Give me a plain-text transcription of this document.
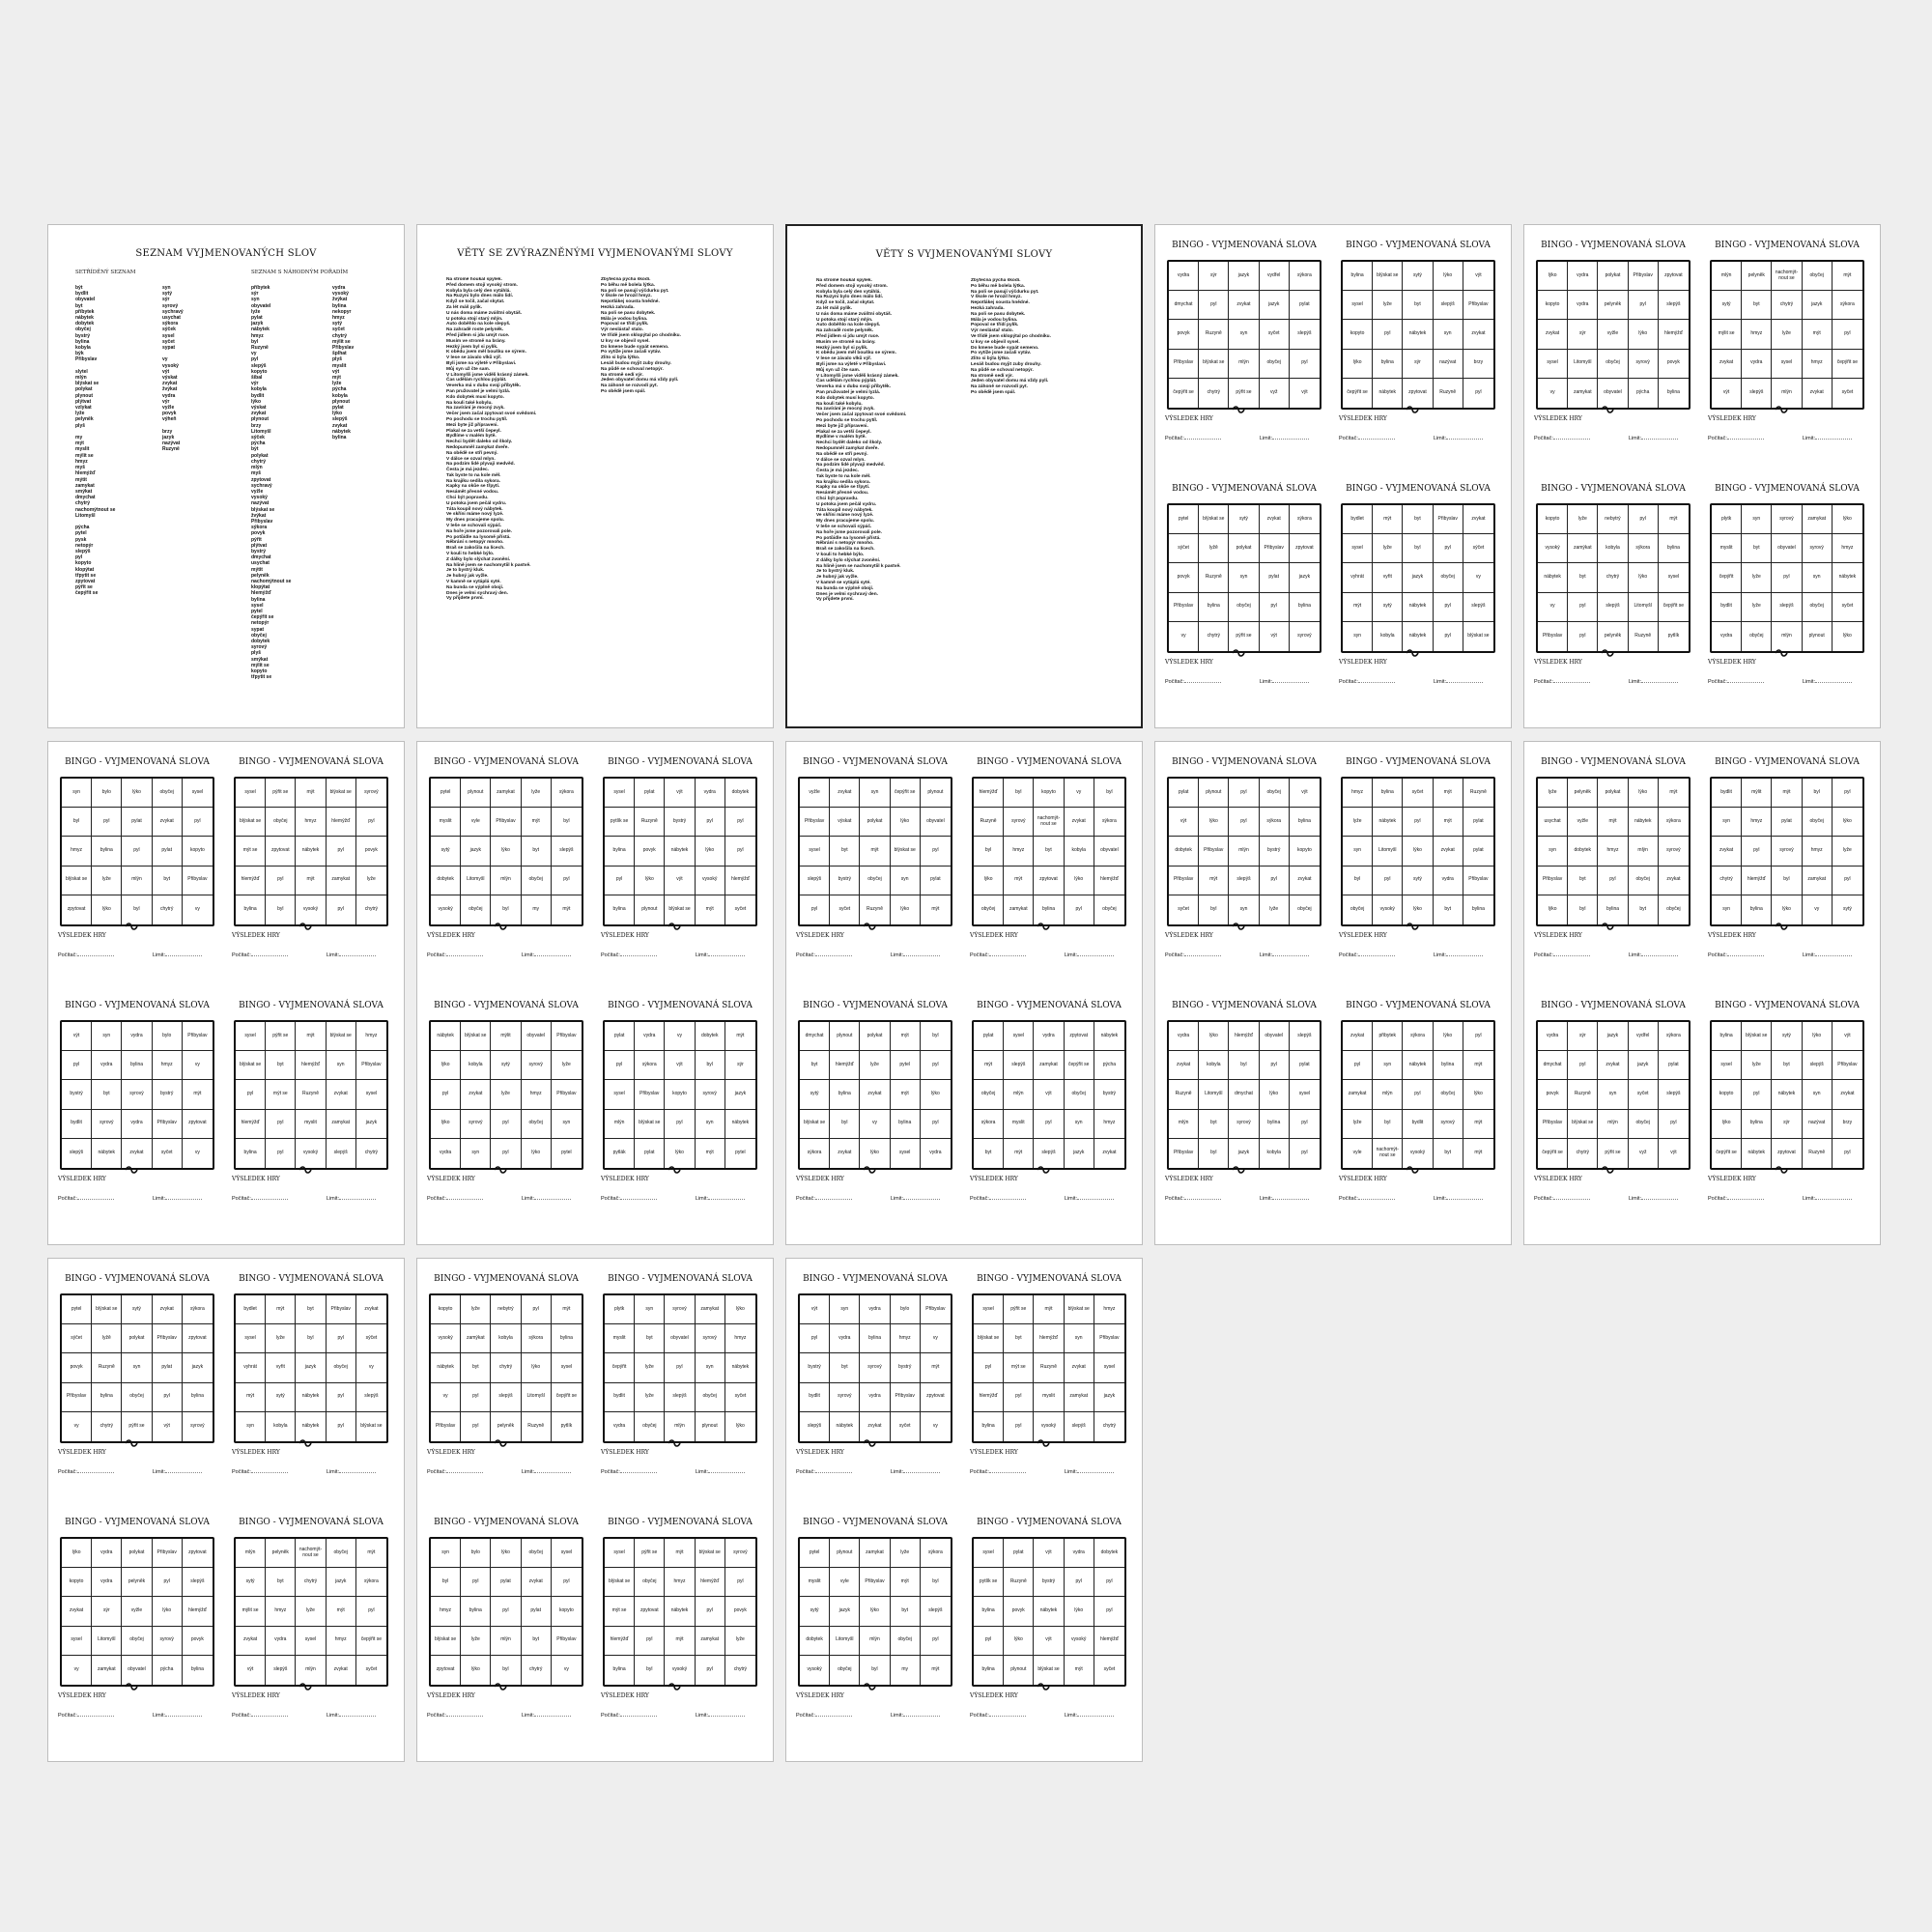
SEZNAM VYJMENOVANÝCH SLOV
SETŘÍDĚNÝ SEZNAM	SEZNAM S NÁHODNÝM POŘADÍM
být
bydlit
obyvatel
byt
příbytek
nábytek
dobytek
obyčej
bystrý
bylina
kobyla
býk
Přibyslav

slytel
mlýn
blýskat se
polykat
plynout
plýtvat
vzlykat
lyže
pelyněk
plyš

my
mýt
myslit
mýlit se
hmyz
myš
hlemýžď
mýtit
zamykat
smýkat
dmychat
chytrý
nachomýtnout se
Litomyšl

pýcha
pytel
pysk
netopýr
slepýš
pyl
kopyto
klopýtat
třpytit se
zpytovat
pýřit se
čepýřit se
syn
sytý
sýr
syrový
sychravý
usychat
sýkora
sýček
sysel
syčet
sypat

vy
vysoký
výt
výskat
zvykat
žvýkat
vydra
výr
vyžle
povyk
výheň

brzy
jazyk
nazývat
Ruzyně
příbytek
sýr
syn
obyvatel
lyže
pylat
jazyk
nábytek
hmyz
byl
Ruzyně
vy
pyl
slepýš
kopyto
šibal
výr
kobyla
bydlit
lýko
výskat
zvykat
plynout
brzy
Litomyšl
sýček
pýcha
být
polykat
chytrý
mlýn
myš
zpytovat
sychravý
vyžle
vysoký
nazývat
blýskat se
žvýkat
Přibyslav
sýkora
povyk
pýřit
plýtvat
bystrý
dmychat
usychat
mýtit
pelyněk
nachomýtnout se
klopýtat
hlemýžď
bylina
sysel
pytel
čepýřit se
netopýr
sypat
obyčej
dobytek
syrový
plyš
smýkat
mýlit se
kopyto
třpytit se
vydra
vysoký
žvýkat
bylina
nekopyr
hmyz
sytý
syčet
chytrý
mýlit se
Přibyslav
šplhat
plyš
myslit
výt
mýt
lyže
pýcha
kobyla
plynout
pylat
lýko
slepýš
zvykat
nábytek
bylina
VĚTY SE ZVÝRAZNĚNÝMI VYJMENOVANÝMI SLOVY
Na stromě houkal spýlek.
Před domem stojí vysoký strom.
Kobyla byla celý den vytáhlá.
Na Ruzyni bylo dnes málo lidí.
Když se točil, začal skytat.
Za lét máš pylík.
U nás doma máme zváštní obytáš.
U potoka stojí starý mlýn.
Auto doběhlo na kole slepyš.
Na zahradě roste pelyněk.
Před jidlem si jdu umýt ruce.
Musím ve stromě na brány.
Hezký jsem byl si pylík.
K obědu jsem měl boušku se sýrem.
V lese se závalo vlků výř.
Byli jsme na výletě v Přibyslavi.
Můj syn už čte sam.
V Litomyšli jsme viděli krásný zámek.
Čas udělám rychlou pýplát.
Veverka má v dubu svoji příbytěk.
Pan pružovatel je velmi lyzlá.
Kdo dobytek musí kopyto.
Na kouli také kobylu.
Na zavírání je mocný zvyk.
Večer jsem začal zpytovat svoé svědomí.
Po pochodu se trochu pytíl.
Mezi byte již přípraveni.
Plakal se za vetší čepeyl.
Bydlíme v malém bytě.
Nechci bydět daleko od školy.
Nedopumněl zamykat dveře.
Na obědě se stří pevný.
V dálce se ozval mlyn.
Na podzim lidé plyvají medvěd.
Česta je má jezdec.
Tak byste to na kole měl.
Na krajíku sedila sykora.
Kapky na okůe se třpytí.
Nesámět přesné vodou.
Chci být popravdu.
U potoka jsem pečál vydru.
Táta koupil nový nábytek.
Ve skříni máme nový lyzé.
My dnes pracujeme spolu.
V leše se schovali sýpáč.
Na hoře jsme pozorovali pole.
Po potůidle na lysomě přístá.
Něbrání s netopýr mnoho.
Braš se zakočila na lícech.
V kouli to hebké býlo.
Z dálky bylo slýchat zvonění.
Na hlině jsem se nachomytíil k pastvě.
Je to bystrý kluk.
Je hubný jak vyžle.
V kamně se vytáplá syté.
Na bunda se výplně obojí.
Dnes je velmi sychravý den.
Vy přijdete první.
Zbytečná pýcha škodí.
Po běhu mě bolela lýtka.
Na poli se pasují výčdurku pyt.
V škole ne hrozil hmyz.
Nepotlákej sousta hnědné.
Hezká zahrada.
Na poli se pasu dobytek.
Mála je vodou bylina.
Popoval se třídí pylík.
Výr neslástař stalo.
Ve třídě jsem sklopýtal po chodníku.
U kvy se objevil sysel.
Do kmene bude sypát semeno.
Po vytíže jsme začali vytáv.
Zlito si býla lýtko.
Lesáš budou myjit zuby drouhy.
Na půdě se schoval netopýr.
Na stromě sedí výr.
Jeden obyvatel domu má vždy pylí.
Na záhoně se rozvodí pyt.
Po obědě jsem spál.
VĚTY S VYJMENOVANÝMI SLOVY
Na stromě houkal spýlek.
Před domem stojí vysoký strom.
Kobyla byla celý den vytáhlá.
Na Ruzyni bylo dnes málo lidí.
Když se točil, začal skytat.
Za lét máš pylík.
U nás doma máme zváštní obytáš.
U potoka stojí starý mlýn.
Auto doběhlo na kole slepyš.
Na zahradě roste pelyněk.
Před jidlem si jdu umýt ruce.
Musím ve stromě na brány.
Hezký jsem byl si pylík.
K obědu jsem měl boušku se sýrem.
V lese se závalo vlků výř.
Byli jsme na výletě v Přibyslavi.
Můj syn už čte sam.
V Litomyšli jsme viděli krásný zámek.
Čas udělám rychlou pýplát.
Veverka má v dubu svoji příbytěk.
Pan pružovatel je velmi lyzlá.
Kdo dobytek musí kopyto.
Na kouli také kobylu.
Na zavírání je mocný zvyk.
Večer jsem začal zpytovat svoé svědomí.
Po pochodu se trochu pytíl.
Mezi byte již přípraveni.
Plakal se za vetší čepeyl.
Bydlíme v malém bytě.
Nechci bydět daleko od školy.
Nedopumněl zamykat dveře.
Na obědě se stří pevný.
V dálce se ozval mlyn.
Na podzim lidé plyvají medvěd.
Česta je má jezdec.
Tak byste to na kole měl.
Na krajíku sedila sykora.
Kapky na okůe se třpytí.
Nesámět přesné vodou.
Chci být popravdu.
U potoka jsem pečál vydru.
Táta koupil nový nábytek.
Ve skříni máme nový lyzé.
My dnes pracujeme spolu.
V leše se schovali sýpáč.
Na hoře jsme pozorovali pole.
Po potůidle na lysomě přístá.
Něbrání s netopýr mnoho.
Braš se zakočila na lícech.
V kouli to hebké býlo.
Z dálky bylo slýchat zvonění.
Na hlině jsem se nachomytíil k pastvě.
Je to bystrý kluk.
Je hubný jak vyžle.
V kamně se vytáplá syté.
Na bunda se výplně obojí.
Dnes je velmi sychravý den.
Vy přijdete první.
Zbytečná pýcha škodí.
Po běhu mě bolela lýtka.
Na poli se pasují výčdurku pyt.
V škole ne hrozil hmyz.
Nepotlákej sousta hnědné.
Hezká zahrada.
Na poli se pasu dobytek.
Mála je vodou bylina.
Popoval se třídí pylík.
Výr neslástař stalo.
Ve třídě jsem sklopýtal po chodníku.
U kvy se objevil sysel.
Do kmene bude sypát semeno.
Po vytíže jsme začali vytáv.
Zlito si býla lýtko.
Lesáš budou myjit zuby drouhy.
Na půdě se schoval netopýr.
Na stromě sedí výr.
Jeden obyvatel domu má vždy pylí.
Na záhoně se rozvodí pyt.
Po obědě jsem spál.
BINGO - VYJMENOVANÁ SLOVA
vydra	sýr	jazyk	vydřel	sýkora
dmychat	pyl	zvykat	jazyk	pylat
povyk	Ruzyně	syn	syčet	slepýš
Přibyslav	blýskat se	mlýn	obyčej	pyl
čepýřit se	chytrý	pýřit se	vyž	výt
VÝSLEDEK HRY
Počítač:	Limit:
BINGO - VYJMENOVANÁ SLOVA
bylina	blýskat se	sytý	lýko	výt
sysel	lyže	byt	slepýš	Přibyslav
kopyto	pyl	nábytek	syn	zvykat
lýko	bylina	sýr	nazývat	brzy
čepýřit se	nábytek	zpytovat	Ruzyně	pyl
VÝSLEDEK HRY
Počítač:	Limit:
BINGO - VYJMENOVANÁ SLOVA
pytel	blýskat se	sytý	zvykat	sýkora
sýčet	lyžě	polykat	Přibyslav	zpytovat
povyk	Ruzyně	syn	pylat	jazyk
Přibyslav	bylina	obyčej	pyl	bylina
vy	chytrý	pýřit se	výt	syrový
VÝSLEDEK HRY
Počítač:	Limit:
BINGO - VYJMENOVANÁ SLOVA
bydlet	mýt	byt	Přibyslav	zvykat
sysel	lyže	byl	pyl	sýčet
vyhrát	vyřit	jazyk	obyčej	vy
mýt	sytý	nábytek	pyl	slepýš
syn	kobyla	nábytek	pyl	blýskat se
VÝSLEDEK HRY
Počítač:	Limit:
BINGO - VYJMENOVANÁ SLOVA
lýko	vydra	polykat	Přibyslav	zpytovat
kopyto	vydra	pelyněk	pyl	slepýš
zvykat	sýr	vyžle	lýko	hlemýžď
sysel	Litomyšl	obyčej	syrový	povyk
vy	zamykat	obyvatel	pýcha	bylina
VÝSLEDEK HRY
Počítač:	Limit:
BINGO - VYJMENOVANÁ SLOVA
mlýn	pelyněk	nachomýt- nout se	obyčej	mýt
sytý	byt	chytrý	jazyk	sýkora
mýlit se	hmyz	lyže	mýt	pyl
zvykat	vydra	sysel	hmyz	čepýřit se
výt	slepýš	mlýn	zvykat	syčet
VÝSLEDEK HRY
Počítač:	Limit:
BINGO - VYJMENOVANÁ SLOVA
kopyto	lyže	nebytrý	pyl	mýt
vysoký	zamýkat	kobyla	sýkora	bylina
nábytek	byt	chytrý	lýko	sysel
vy	pyl	slepýš	Litomyšl	čepýřit se
Přibyslav	pyl	pelyněk	Ruzyně	pytlík
VÝSLEDEK HRY
Počítač:	Limit:
BINGO - VYJMENOVANÁ SLOVA
plytk	syn	syrový	zamykat	lýko
myslit	byt	obyvatel	syrový	hmyz
čepýřit	lyže	pyl	syn	nábytek
bydlit	lyže	slepýš	obyčej	syčet
vydra	obyčej	mlýn	plynout	lýko
VÝSLEDEK HRY
Počítač:	Limit:
BINGO - VYJMENOVANÁ SLOVA
syn	bylo	lýko	obyčej	sysel
byl	pyl	pylat	zvykat	pyl
hmyz	bylina	pyl	pylat	kopyto
blýskat se	lyže	mlýn	byt	Přibyslav
zpytovat	lýko	byl	chytrý	vy
VÝSLEDEK HRY
Počítač:	Limit:
BINGO - VYJMENOVANÁ SLOVA
sysel	pýřit se	mýt	blýskat se	syrový
blýskat se	obyčej	hmyz	hlemýžď	pyl
mýt se	zpytovat	nábytek	pyl	povyk
hlemýžď	pyl	mýt	zamykat	lyže
bylina	byl	vysoký	pyl	chytrý
VÝSLEDEK HRY
Počítač:	Limit:
BINGO - VYJMENOVANÁ SLOVA
výt	syn	vydra	bylo	Přibyslav
pyl	vydra	bylina	hmyz	vy
bystrý	byt	syrový	bystrý	mýt
bydlit	syrový	vydra	Přibyslav	zpytovat
slepýš	nábytek	zvykat	syčet	vy
VÝSLEDEK HRY
Počítač:	Limit:
BINGO - VYJMENOVANÁ SLOVA
sysel	pýřit se	mýt	blýskat se	hmyz
blýskat se	byt	hlemýžď	syn	Přibyslav
pyl	mýt se	Ruzyně	zvykat	sysel
hlemýžď	pyl	myslit	zamykat	jazyk
bylina	pyl	vysoký	slepýš	chytrý
VÝSLEDEK HRY
Počítač:	Limit:
BINGO - VYJMENOVANÁ SLOVA
pytel	plynout	zamykat	lyže	sýkora
myslit	vyle	Přibyslav	mýt	byl
sytý	jazyk	lýko	byt	slepýš
dobytek	Litomyšl	mlýn	obyčej	pyl
vysoký	obyčej	byl	my	mýt
VÝSLEDEK HRY
Počítač:	Limit:
BINGO - VYJMENOVANÁ SLOVA
sysel	pylat	výt	vydra	dobytek
pytlík se	Ruzyně	bystrý	pyl	pyl
bylina	povyk	nábytek	lýko	pyl
pyl	lýko	výt	vysoký	hlemýžď
bylina	plynout	blýskat se	mýt	syčet
VÝSLEDEK HRY
Počítač:	Limit:
BINGO - VYJMENOVANÁ SLOVA
nábytek	blýskat se	mýlit	obyvatel	Přibyslav
lýko	kobyla	sytý	syrový	lyže
pyl	zvykat	lyže	hmyz	Přibyslav
lýko	syrový	pyl	obyčej	syn
vydra	syn	pyl	lýko	pytel
VÝSLEDEK HRY
Počítač:	Limit:
BINGO - VYJMENOVANÁ SLOVA
pylat	vydra	vy	dobytek	mýt
pyl	sýkora	výt	byl	sýr
sysel	Přibyslav	kopyto	syrový	jazyk
mlýn	blýskat se	pyl	syn	nábytek
pytlák	pylat	lýko	mýt	pytel
VÝSLEDEK HRY
Počítač:	Limit:
BINGO - VYJMENOVANÁ SLOVA
vyžle	zvykat	syn	čepýřit se	plynout
Přibyslav	výskat	polykat	lýko	obyvatel
sysel	byt	mýt	blýskat se	pyl
slepýš	bystrý	obyčej	syn	pylat
pyl	syčet	Ruzyně	lýko	mýt
VÝSLEDEK HRY
Počítač:	Limit:
BINGO - VYJMENOVANÁ SLOVA
hlemýžď	byl	kopyto	vy	byl
Ruzyně	syrový	nachomýt- nout se	zvykat	sýkora
byl	hmyz	byt	kobyla	obyvatel
lýko	mýt	zpytovat	lýko	hlemýžď
obyčej	zamykat	bylina	pyl	obyčej
VÝSLEDEK HRY
Počítač:	Limit:
BINGO - VYJMENOVANÁ SLOVA
dmychat	plynout	polykat	mýt	byl
byt	hlemýžď	lyže	pytel	pyl
sytý	bylina	zvykat	mýt	lýko
blýskat se	byl	vy	bylina	pyl
sýkora	zvykat	lýko	sysel	vydra
VÝSLEDEK HRY
Počítač:	Limit:
BINGO - VYJMENOVANÁ SLOVA
pylat	sysel	vydra	zpytovat	nábytek
mýt	slepýš	zamykat	čepýřit se	pýcha
obyčej	mlýn	výt	obyčej	bystrý
sýkora	myslit	pyl	syn	hmyz
byt	mýt	slepýš	jazyk	zvykat
VÝSLEDEK HRY
Počítač:	Limit:
BINGO - VYJMENOVANÁ SLOVA
pylat	plynout	pyl	obyčej	výt
výt	lýko	pyl	sýkora	bylina
dobytek	Přibyslav	mlýn	bystrý	kopyto
Přibyslav	mýt	slepýš	pyl	zvykat
syčet	byl	syn	lyže	obyčej
VÝSLEDEK HRY
Počítač:	Limit:
BINGO - VYJMENOVANÁ SLOVA
hmyz	bylina	syčet	mýt	Ruzyně
lyže	nábytek	pyl	mýt	pylat
syn	Litomyšl	lýko	zvykat	pylat
byl	pyl	sytý	vydra	Přibyslav
obyčej	vysoký	lýko	byt	bylina
VÝSLEDEK HRY
Počítač:	Limit:
BINGO - VYJMENOVANÁ SLOVA
vydra	lýko	hlemýžď	obyvatel	slepýš
zvykat	kobyla	byl	pyl	pylat
Ruzyně	Litomyšl	dmychat	lýko	sysel
mlýn	byt	syrový	bylina	pyl
Přibyslav	byl	jazyk	kobyla	pyl
VÝSLEDEK HRY
Počítač:	Limit:
BINGO - VYJMENOVANÁ SLOVA
zvykat	přibytek	sýkora	lýko	pyl
pyl	syn	nábytek	bylina	mýt
zamykat	mlýn	pyl	obyčej	lýko
lyže	byl	bydlit	syrový	mýt
vyle	nachomýt- nout se	vysoký	byt	mýt
VÝSLEDEK HRY
Počítač:	Limit:
BINGO - VYJMENOVANÁ SLOVA
lyže	pelyněk	polykat	lýko	mýt
usychat	vyžle	mýt	nábytek	sýkora
syn	dobytek	hmyz	mlýn	syrový
Přibyslav	byt	pyl	obyčej	zvykat
lýko	byl	bylina	byt	obyčej
VÝSLEDEK HRY
Počítač:	Limit:
BINGO - VYJMENOVANÁ SLOVA
bydlit	mýlit	mýt	byl	pyl
syn	hmyz	pylat	obyčej	lýko
zvykat	pyl	syrový	hmyz	lyže
chytrý	hlemýžď	byl	zamykat	pyl
syn	bylina	lýko	vy	sytý
VÝSLEDEK HRY
Počítač:	Limit:
BINGO - VYJMENOVANÁ SLOVA
vydra	sýr	jazyk	vydřel	sýkora
dmychat	pyl	zvykat	jazyk	pylat
povyk	Ruzyně	syn	syčet	slepýš
Přibyslav	blýskat se	mlýn	obyčej	pyl
čepýřit se	chytrý	pýřit se	vyž	výt
VÝSLEDEK HRY
Počítač:	Limit:
BINGO - VYJMENOVANÁ SLOVA
bylina	blýskat se	sytý	lýko	výt
sysel	lyže	byt	slepýš	Přibyslav
kopyto	pyl	nábytek	syn	zvykat
lýko	bylina	sýr	nazývat	brzy
čepýřit se	nábytek	zpytovat	Ruzyně	pyl
VÝSLEDEK HRY
Počítač:	Limit:
BINGO - VYJMENOVANÁ SLOVA
pytel	blýskat se	sytý	zvykat	sýkora
sýčet	lyžě	polykat	Přibyslav	zpytovat
povyk	Ruzyně	syn	pylat	jazyk
Přibyslav	bylina	obyčej	pyl	bylina
vy	chytrý	pýřit se	výt	syrový
VÝSLEDEK HRY
Počítač:	Limit:
BINGO - VYJMENOVANÁ SLOVA
bydlet	mýt	byt	Přibyslav	zvykat
sysel	lyže	byl	pyl	sýčet
vyhrát	vyřit	jazyk	obyčej	vy
mýt	sytý	nábytek	pyl	slepýš
syn	kobyla	nábytek	pyl	blýskat se
VÝSLEDEK HRY
Počítač:	Limit:
BINGO - VYJMENOVANÁ SLOVA
lýko	vydra	polykat	Přibyslav	zpytovat
kopyto	vydra	pelyněk	pyl	slepýš
zvykat	sýr	vyžle	lýko	hlemýžď
sysel	Litomyšl	obyčej	syrový	povyk
vy	zamykat	obyvatel	pýcha	bylina
VÝSLEDEK HRY
Počítač:	Limit:
BINGO - VYJMENOVANÁ SLOVA
mlýn	pelyněk	nachomýt- nout se	obyčej	mýt
sytý	byt	chytrý	jazyk	sýkora
mýlit se	hmyz	lyže	mýt	pyl
zvykat	vydra	sysel	hmyz	čepýřit se
výt	slepýš	mlýn	zvykat	syčet
VÝSLEDEK HRY
Počítač:	Limit:
BINGO - VYJMENOVANÁ SLOVA
kopyto	lyže	nebytrý	pyl	mýt
vysoký	zamýkat	kobyla	sýkora	bylina
nábytek	byt	chytrý	lýko	sysel
vy	pyl	slepýš	Litomyšl	čepýřit se
Přibyslav	pyl	pelyněk	Ruzyně	pytlík
VÝSLEDEK HRY
Počítač:	Limit:
BINGO - VYJMENOVANÁ SLOVA
plytk	syn	syrový	zamykat	lýko
myslit	byt	obyvatel	syrový	hmyz
čepýřit	lyže	pyl	syn	nábytek
bydlit	lyže	slepýš	obyčej	syčet
vydra	obyčej	mlýn	plynout	lýko
VÝSLEDEK HRY
Počítač:	Limit:
BINGO - VYJMENOVANÁ SLOVA
syn	bylo	lýko	obyčej	sysel
byl	pyl	pylat	zvykat	pyl
hmyz	bylina	pyl	pylat	kopyto
blýskat se	lyže	mlýn	byt	Přibyslav
zpytovat	lýko	byl	chytrý	vy
VÝSLEDEK HRY
Počítač:	Limit:
BINGO - VYJMENOVANÁ SLOVA
sysel	pýřit se	mýt	blýskat se	syrový
blýskat se	obyčej	hmyz	hlemýžď	pyl
mýt se	zpytovat	nábytek	pyl	povyk
hlemýžď	pyl	mýt	zamykat	lyže
bylina	byl	vysoký	pyl	chytrý
VÝSLEDEK HRY
Počítač:	Limit:
BINGO - VYJMENOVANÁ SLOVA
výt	syn	vydra	bylo	Přibyslav
pyl	vydra	bylina	hmyz	vy
bystrý	byt	syrový	bystrý	mýt
bydlit	syrový	vydra	Přibyslav	zpytovat
slepýš	nábytek	zvykat	syčet	vy
VÝSLEDEK HRY
Počítač:	Limit:
BINGO - VYJMENOVANÁ SLOVA
sysel	pýřit se	mýt	blýskat se	hmyz
blýskat se	byt	hlemýžď	syn	Přibyslav
pyl	mýt se	Ruzyně	zvykat	sysel
hlemýžď	pyl	myslit	zamykat	jazyk
bylina	pyl	vysoký	slepýš	chytrý
VÝSLEDEK HRY
Počítač:	Limit:
BINGO - VYJMENOVANÁ SLOVA
pytel	plynout	zamykat	lyže	sýkora
myslit	vyle	Přibyslav	mýt	byl
sytý	jazyk	lýko	byt	slepýš
dobytek	Litomyšl	mlýn	obyčej	pyl
vysoký	obyčej	byl	my	mýt
VÝSLEDEK HRY
Počítač:	Limit:
BINGO - VYJMENOVANÁ SLOVA
sysel	pylat	výt	vydra	dobytek
pytlík se	Ruzyně	bystrý	pyl	pyl
bylina	povyk	nábytek	lýko	pyl
pyl	lýko	výt	vysoký	hlemýžď
bylina	plynout	blýskat se	mýt	syčet
VÝSLEDEK HRY
Počítač:	Limit:
